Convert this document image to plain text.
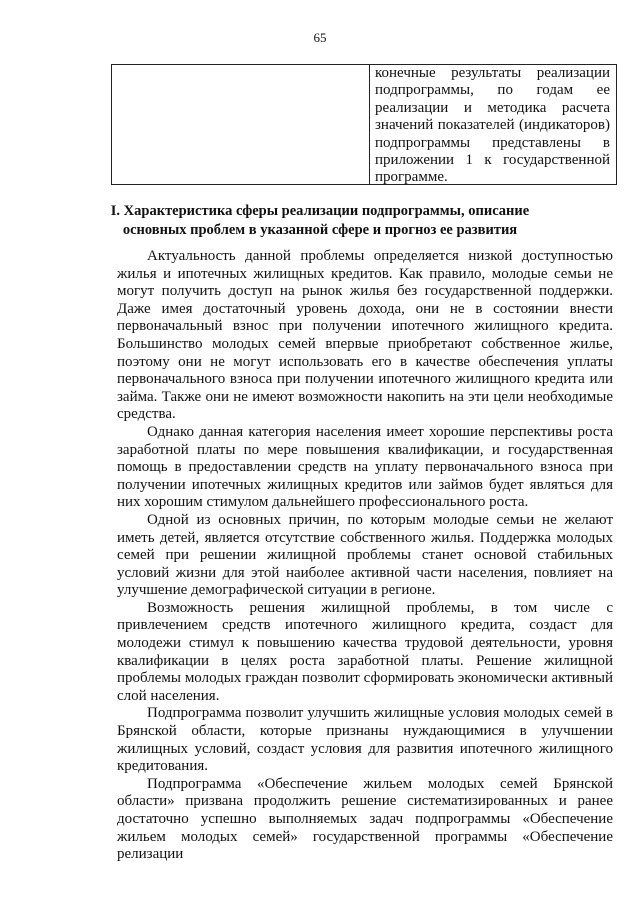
65
конечные результаты реализации подпрограммы, по годам ее реализации и методика расчета значений показателей (индикаторов) подпрограммы представлены в приложении 1 к государственной программе.
I. Характеристика сферы реализации подпрограммы, описание основных проблем в указанной сфере и прогноз ее развития

Актуальность данной проблемы определяется низкой доступностью жилья и ипотечных жилищных кредитов. Как правило, молодые семьи не могут получить доступ на рынок жилья без государственной поддержки. Даже имея достаточный уровень дохода, они не в состоянии внести первоначальный взнос при получении ипотечного жилищного кредита. Большинство молодых семей впервые приобретают собственное жилье, поэтому они не могут использовать его в качестве обеспечения уплаты первоначального взноса при получении ипотечного жилищного кредита или займа. Также они не имеют возможности накопить на эти цели необходимые средства.

Однако данная категория населения имеет хорошие перспективы роста заработной платы по мере повышения квалификации, и государственная помощь в предоставлении средств на уплату первоначального взноса при получении ипотечных жилищных кредитов или займов будет являться для них хорошим стимулом дальнейшего профессионального роста.

Одной из основных причин, по которым молодые семьи не желают иметь детей, является отсутствие собственного жилья. Поддержка молодых семей при решении жилищной проблемы станет основой стабильных условий жизни для этой наиболее активной части населения, повлияет на улучшение демографической ситуации в регионе.

Возможность решения жилищной проблемы, в том числе с привлечением средств ипотечного жилищного кредита, создаст для молодежи стимул к повышению качества трудовой деятельности, уровня квалификации в целях роста заработной платы. Решение жилищной проблемы молодых граждан позволит сформировать экономически активный слой населения.

Подпрограмма позволит улучшить жилищные условия молодых семей в Брянской области, которые признаны нуждающимися в улучшении жилищных условий, создаст условия для развития ипотечного жилищного кредитования.

Подпрограмма «Обеспечение жильем молодых семей Брянской области» призвана продолжить решение систематизированных и ранее достаточно успешно выполняемых задач подпрограммы «Обеспечение жильем молодых семей» государственной программы «Обеспечение релизации
